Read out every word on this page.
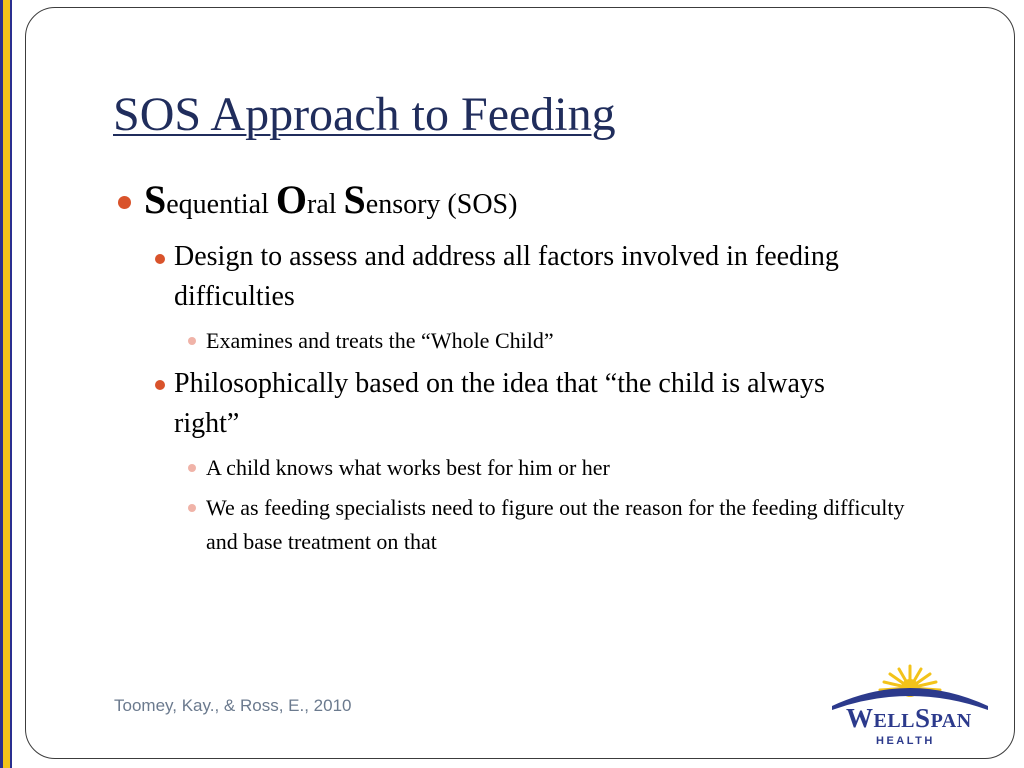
SOS Approach to Feeding
Sequential Oral Sensory (SOS)
Design to assess and address all factors involved in feeding difficulties
Examines and treats the “Whole Child”
Philosophically based on the idea that “the child is always right”
A child knows what works best for him or her
We as feeding specialists need to figure out the reason for the feeding difficulty and base treatment on that
Toomey, Kay., & Ross, E., 2010	WELLSPAN
HEALTH
